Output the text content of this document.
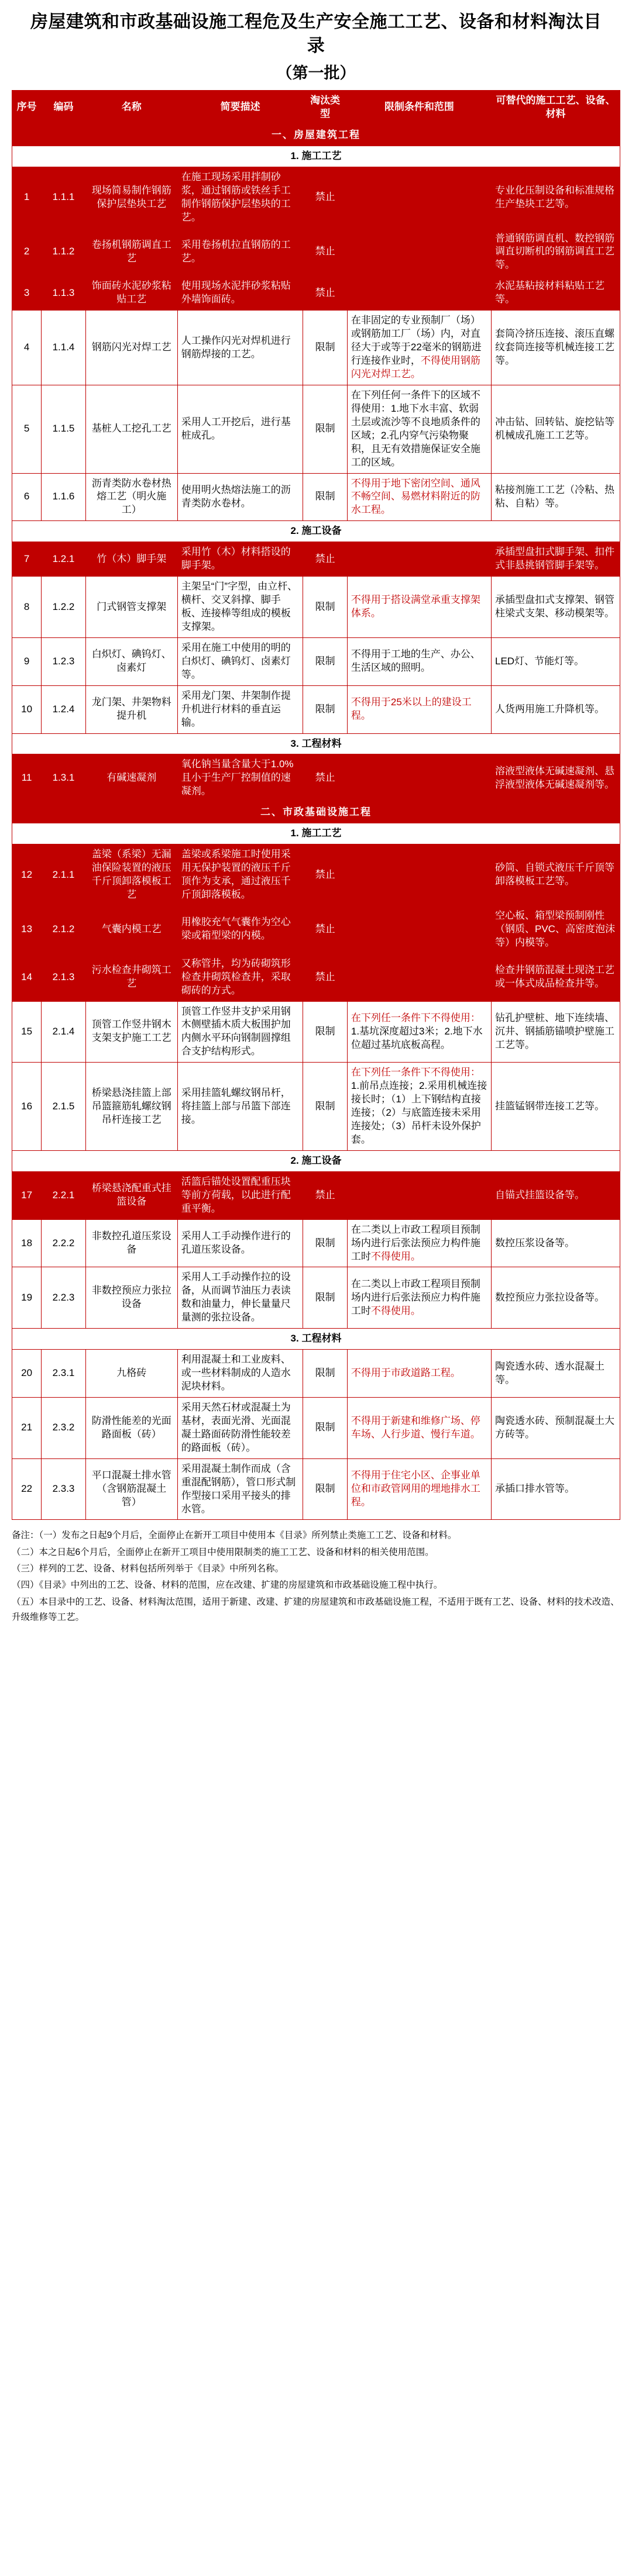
房屋建筑和市政基础设施工程危及生产安全施工工艺、设备和材料淘汰目录
（第一批）
序号	编码	名称	简要描述	淘汰类型	限制条件和范围	可替代的施工工艺、设备、材料
一、房屋建筑工程						
1. 施工工艺						
1	1.1.1	现场简易制作钢筋保护层垫块工艺	在施工现场采用拌制砂浆，通过钢筋或铁丝手工制作钢筋保护层垫块的工艺。	禁止		专业化压制设备和标准规格生产垫块工艺等。
2	1.1.2	卷扬机钢筋调直工艺	采用卷扬机拉直钢筋的工艺。	禁止		普通钢筋调直机、数控钢筋调直切断机的钢筋调直工艺等。
3	1.1.3	饰面砖水泥砂浆粘贴工艺	使用现场水泥拌砂浆粘贴外墙饰面砖。	禁止		水泥基粘接材料粘贴工艺等。
4	1.1.4	钢筋闪光对焊工艺	人工操作闪光对焊机进行钢筋焊接的工艺。	限制	在非固定的专业预制厂（场）或钢筋加工厂（场）内，对直径大于或等于22毫米的钢筋进行连接作业时，不得使用钢筋闪光对焊工艺。	套筒冷挤压连接、滚压直螺纹套筒连接等机械连接工艺等。
5	1.1.5	基桩人工挖孔工艺	采用人工开挖后，进行基桩成孔。	限制	在下列任何一条件下的区域不得使用：1.地下水丰富、软弱土层或流沙等不良地质条件的区域；2.孔内穿气污染物聚积，且无有效措施保证安全施工的区域。	冲击钻、回转钻、旋挖钻等机械成孔施工工艺等。
6	1.1.6	沥青类防水卷材热熔工艺（明火施工）	使用明火热熔法施工的沥青类防水卷材。	限制	不得用于地下密闭空间、通风不畅空间、易燃材料附近的防水工程。	粘接剂施工工艺（冷粘、热粘、自粘）等。
2. 施工设备						
7	1.2.1	竹（木）脚手架	采用竹（木）材料搭设的脚手架。	禁止		承插型盘扣式脚手架、扣件式非悬挑钢管脚手架等。
8	1.2.2	门式钢管支撑架	主架呈“门”字型，由立杆、横杆、交叉斜撑、脚手板、连接棒等组成的模板支撑架。	限制	不得用于搭设满堂承重支撑架体系。	承插型盘扣式支撑架、钢管柱梁式支架、移动模架等。
9	1.2.3	白炽灯、碘钨灯、卤素灯	采用在施工中使用的明的白炽灯、碘钨灯、卤素灯等。	限制	不得用于工地的生产、办公、生活区域的照明。	LED灯、节能灯等。
10	1.2.4	龙门架、井架物料提升机	采用龙门架、井架制作提升机进行材料的垂直运输。	限制	不得用于25米以上的建设工程。	人货两用施工升降机等。
3. 工程材料						
11	1.3.1	有碱速凝剂	氧化钠当量含量大于1.0%且小于生产厂控制值的速凝剂。	禁止		溶液型液体无碱速凝剂、悬浮液型液体无碱速凝剂等。
二、市政基础设施工程						
1. 施工工艺						
12	2.1.1	盖梁（系梁）无漏油保险装置的液压千斤顶卸落模板工艺	盖梁或系梁施工时使用采用无保护装置的液压千斤顶作为支承，通过液压千斤顶卸落模板。	禁止		砂筒、自锁式液压千斤顶等卸落模板工艺等。
13	2.1.2	气囊内模工艺	用橡胶充气气囊作为空心梁或箱型梁的内模。	禁止		空心板、箱型梁预制刚性（钢质、PVC、高密度泡沫等）内模等。
14	2.1.3	污水检查井砌筑工艺	又称管井，均为砖砌筑形检查井砌筑检查井，采取砌砖的方式。	禁止		检查井钢筋混凝土现浇工艺或一体式成品检查井等。
15	2.1.4	顶管工作竖井钢木支架支护施工工艺	顶管工作竖井支护采用钢木侧壁插木质大板围护加内侧水平环向钢制圆撑组合支护结构形式。	限制	在下列任一条件下不得使用：1.基坑深度超过3米；2.地下水位超过基坑底板高程。	钻孔护壁桩、地下连续墙、沉井、钢插筋锚喷护壁施工工艺等。
16	2.1.5	桥梁悬浇挂篮上部吊篮箍筋轧螺纹钢吊杆连接工艺	采用挂篮轧螺纹钢吊杆，将挂篮上部与吊篮下部连接。	限制	在下列任一条件下不得使用：1.前吊点连接；2.采用机械连接接长时；（1）上下钢结构直接连接；（2）与底篮连接未采用连接处；（3）吊杆未设外保护套。	挂篮锰钢带连接工艺等。
2. 施工设备						
17	2.2.1	桥梁悬浇配重式挂篮设备	活篮后锚处设置配重压块等前方荷载，以此进行配重平衡。	禁止		自锚式挂篮设备等。
18	2.2.2	非数控孔道压浆设备	采用人工手动操作进行的孔道压浆设备。	限制	在二类以上市政工程项目预制场内进行后张法预应力构件施工时不得使用。	数控压浆设备等。
19	2.2.3	非数控预应力张拉设备	采用人工手动操作拉的设备，从而调节油压力表读数和油量力，伸长量量尺量测的张拉设备。	限制	在二类以上市政工程项目预制场内进行后张法预应力构件施工时不得使用。	数控预应力张拉设备等。
3. 工程材料						
20	2.3.1	九格砖	利用混凝土和工业废料、或一些材料制成的人造水泥块材料。	限制	不得用于市政道路工程。	陶瓷透水砖、透水混凝土等。
21	2.3.2	防滑性能差的光面路面板（砖）	采用天然石材或混凝土为基材，表面光滑、光面混凝土路面砖防滑性能较差的路面板（砖）。	限制	不得用于新建和维修广场、停车场、人行步道、慢行车道。	陶瓷透水砖、预制混凝土大方砖等。
22	2.3.3	平口混凝土排水管（含钢筋混凝土管）	采用混凝土制作而成（含重混配钢筋），管口形式制作型接口采用平接头的排水管。	限制	不得用于住宅小区、企事业单位和市政管网用的埋地排水工程。	承插口排水管等。

备注：（一）发布之日起9个月后，全面停止在新开工项目中使用本《目录》所列禁止类施工工艺、设备和材料。

（二）本之日起6个月后，全面停止在新开工项目中使用限制类的施工工艺、设备和材料的相关使用范围。

（三）样列的工艺、设备、材料包括所列举于《目录》中所列名称。

（四）《目录》中列出的工艺、设备、材料的范围，应在改建、扩建的房屋建筑和市政基础设施工程中执行。

（五）本目录中的工艺、设备、材料淘汰范围，适用于新建、改建、扩建的房屋建筑和市政基础设施工程，不适用于既有工艺、设备、材料的技术改造、升级维修等工艺。
